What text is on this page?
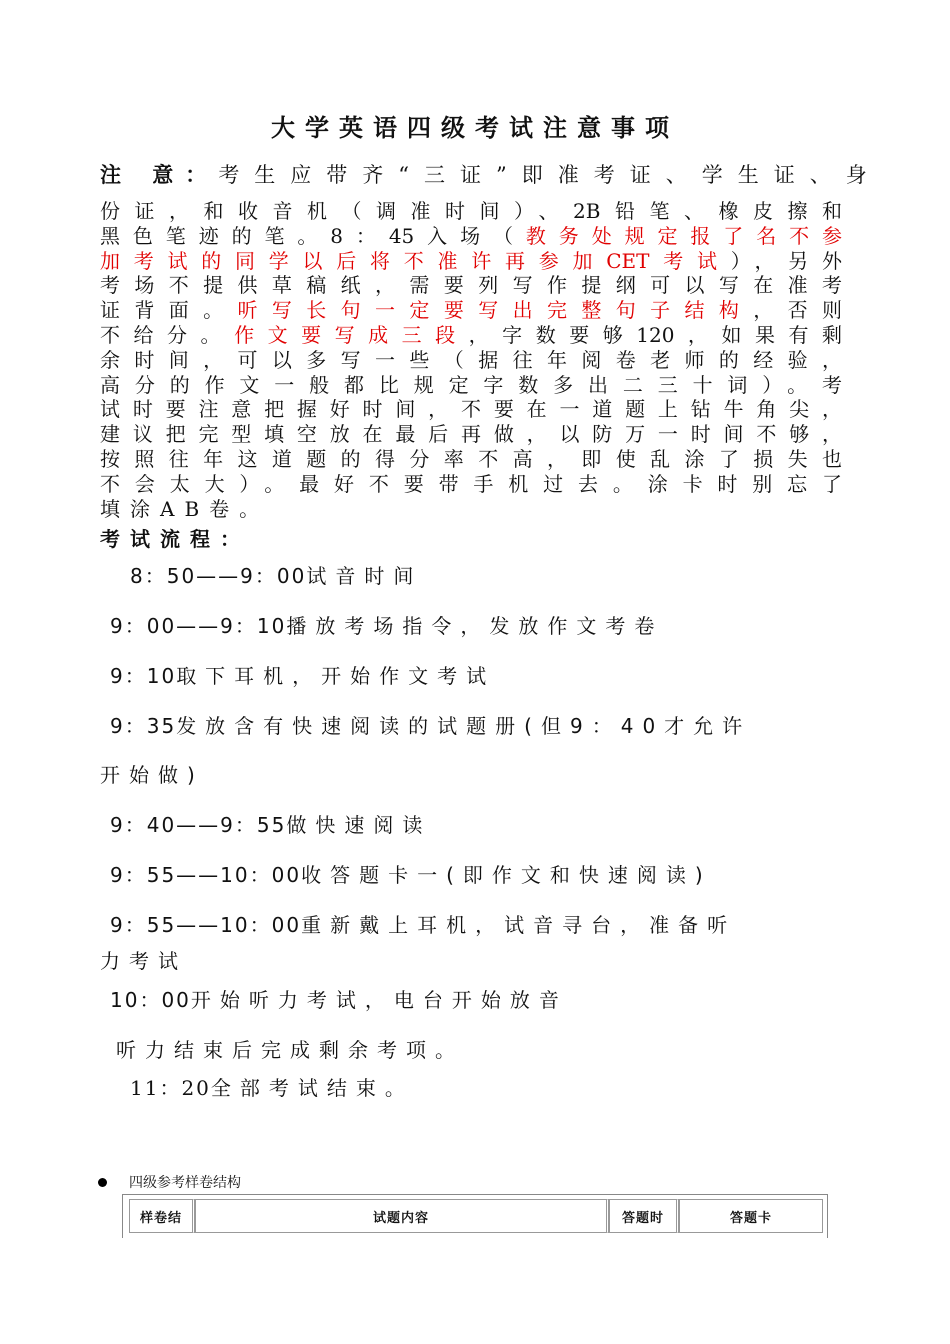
大学英语四级考试注意事项
注 意：考生应带齐“三证”即准考证、学生证、身
份证，和收音机（调准时间）、2B铅笔、橡皮擦和
黑色笔迹的笔。8：45入场（教务处规定报了名不参
加考试的同学以后将不准许再参加CET考试），另外
考场不提供草稿纸，需要列写作提纲可以写在准考
证背面。听写长句一定要写出完整句子结构，否则
不给分。作文要写成三段，字数要够120，如果有剩
余时间，可以多写一些（据往年阅卷老师的经验，
高分的作文一般都比规定字数多出二三十词）。考
试时要注意把握好时间，不要在一道题上钻牛角尖，
建议把完型填空放在最后再做，以防万一时间不够，
按照往年这道题的得分率不高，即使乱涂了损失也
不会太大）。最好不要带手机过去。涂卡时别忘了
填涂AB卷。
考试流程：
8：50——9：00试音时间
9：00——9：10播放考场指令，发放作文考卷
9：10取下耳机，开始作文考试
9：35发放含有快速阅读的试题册(但9：40才允许
开始做)
9：40——9：55做快速阅读
9：55——10：00收答题卡一(即作文和快速阅读)
9：55——10：00重新戴上耳机，试音寻台，准备听
力考试
10：00开始听力考试，电台开始放音
听力结束后完成剩余考项。
11：20全部考试结束。
四级参考样卷结构
样卷结	试题内容	答题时	答题卡
